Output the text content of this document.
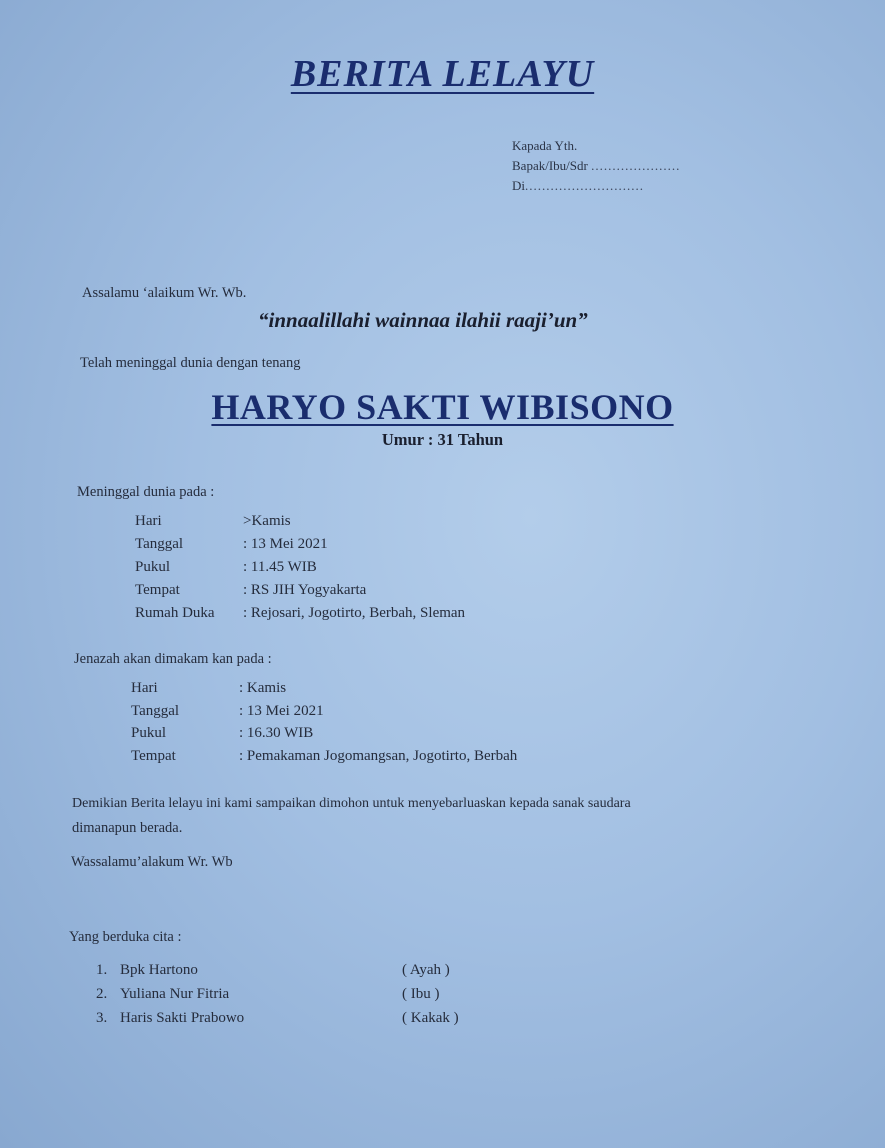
BERITA LELAYU
Kapada Yth.
Bapak/Ibu/Sdr .....................
Di............................
Assalamu ‘alaikum Wr. Wb.
“innaalillahi wainnaa ilahii raaji’un”
Telah meninggal dunia dengan tenang
HARYO SAKTI WIBISONO
Umur : 31 Tahun
Meninggal dunia pada :
Hari	>Kamis
Tanggal	: 13 Mei 2021
Pukul	: 11.45 WIB
Tempat	: RS JIH Yogyakarta
Rumah Duka : Rejosari, Jogotirto, Berbah, Sleman
Jenazah akan dimakam kan pada :
Hari	: Kamis
Tanggal	: 13 Mei 2021
Pukul	: 16.30 WIB
Tempat	: Pemakaman Jogomangsan, Jogotirto, Berbah
Demikian Berita lelayu ini kami sampaikan dimohon untuk menyebarluaskan kepada sanak saudara
dimanapun berada.
Wassalamu’alakum Wr. Wb
Yang berduka cita :
1. Bpk Hartono	( Ayah )
2. Yuliana Nur Fitria	( Ibu )
3. Haris Sakti Prabowo	( Kakak )
